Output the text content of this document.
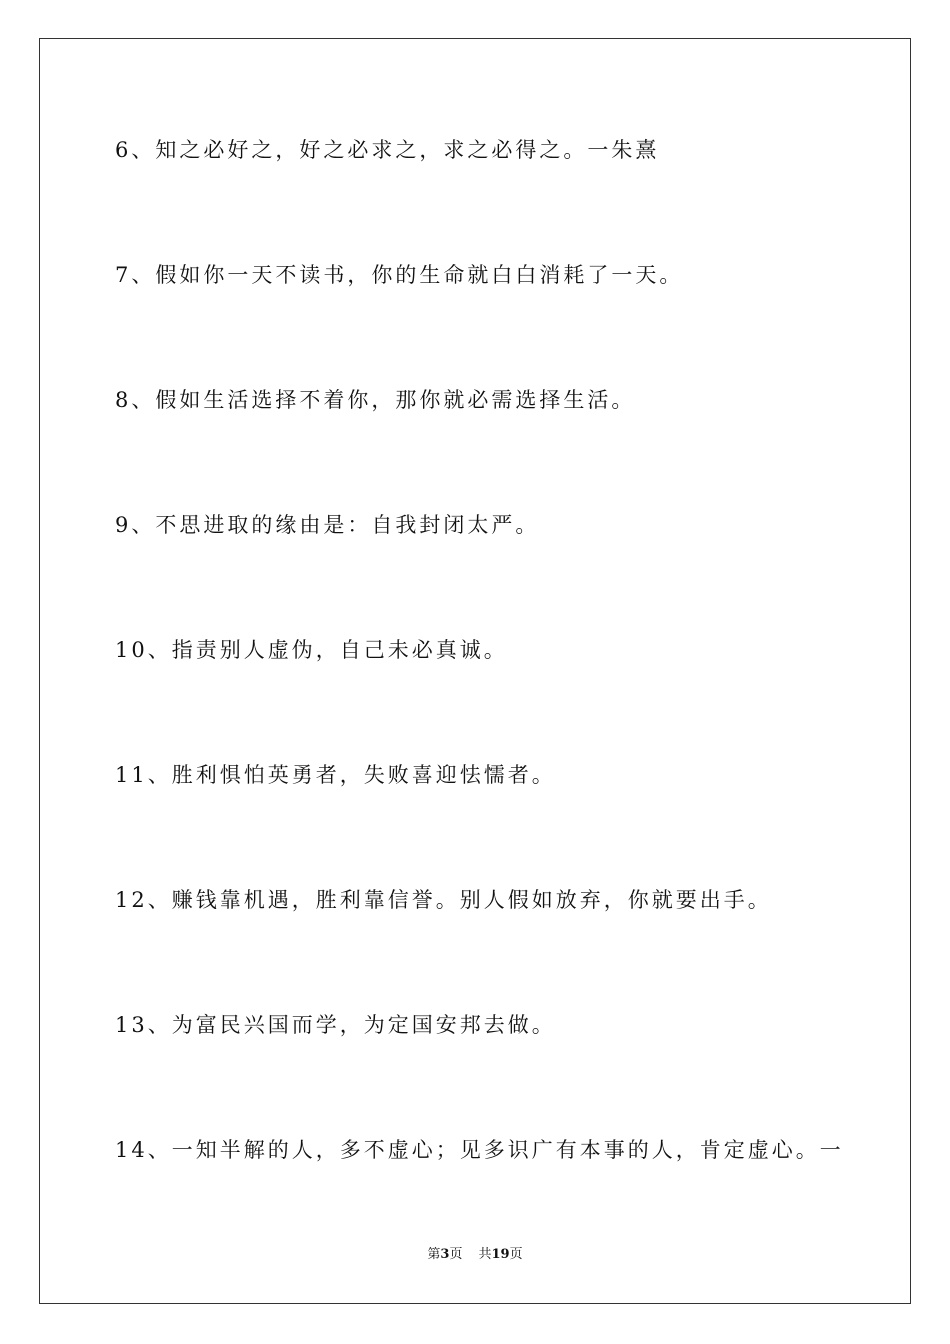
6、知之必好之，好之必求之，求之必得之。一朱熹
7、假如你一天不读书，你的生命就白白消耗了一天。
8、假如生活选择不着你，那你就必需选择生活。
9、不思进取的缘由是：自我封闭太严。
10、指责别人虚伪，自己未必真诚。
11、胜利惧怕英勇者，失败喜迎怯懦者。
12、赚钱靠机遇，胜利靠信誉。别人假如放弃，你就要出手。
13、为富民兴国而学，为定国安邦去做。
14、一知半解的人，多不虚心；见多识广有本事的人，肯定虚心。一
第3页 共19页
